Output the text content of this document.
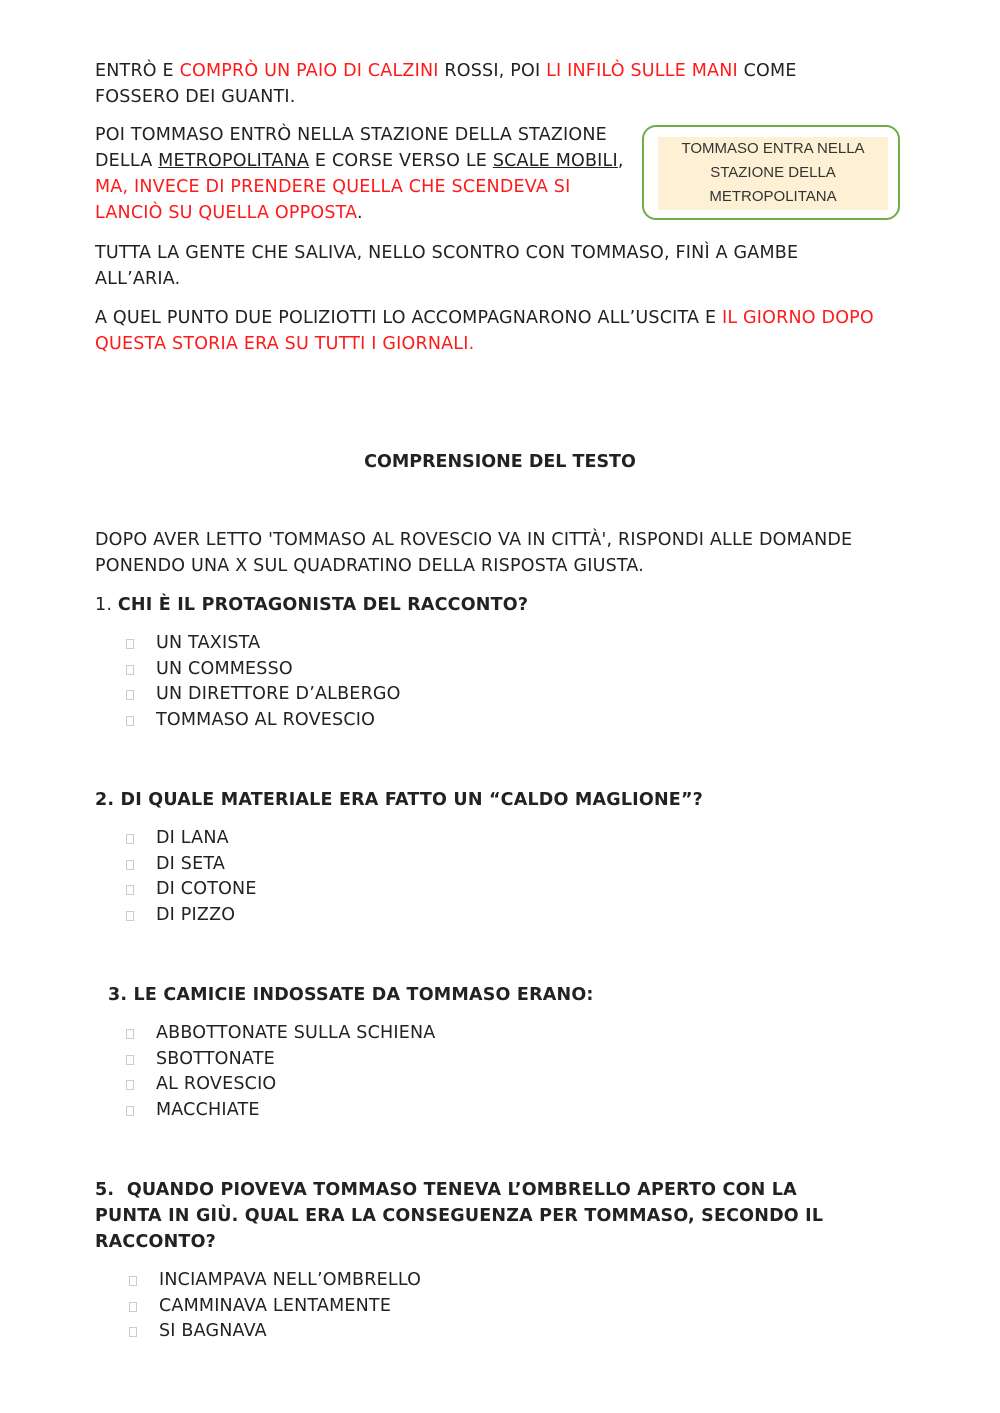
ENTRÒ E COMPRÒ UN PAIO DI CALZINI ROSSI, POI LI INFILÒ SULLE MANI COME FOSSERO DEI GUANTI.

POI TOMMASO ENTRÒ NELLA STAZIONE DELLA STAZIONE DELLA METROPOLITANA E CORSE VERSO LE SCALE MOBILI, MA, INVECE DI PRENDERE QUELLA CHE SCENDEVA SI LANCIÒ SU QUELLA OPPOSTA.

TOMMASO ENTRA NELLA
STAZIONE DELLA
METROPOLITANA

TUTTA LA GENTE CHE SALIVA, NELLO SCONTRO CON TOMMASO, FINÌ A GAMBE ALL’ARIA.

A QUEL PUNTO DUE POLIZIOTTI LO ACCOMPAGNARONO ALL’USCITA E IL GIORNO DOPO QUESTA STORIA ERA SU TUTTI I GIORNALI.

COMPRENSIONE DEL TESTO

DOPO AVER LETTO 'TOMMASO AL ROVESCIO VA IN CITTÀ', RISPONDI ALLE DOMANDE PONENDO UNA X SUL QUADRATINO DELLA RISPOSTA GIUSTA.

1. CHI È IL PROTAGONISTA DEL RACCONTO?

UN TAXISTA
UN COMMESSO
UN DIRETTORE D’ALBERGO
TOMMASO AL ROVESCIO

2. DI QUALE MATERIALE ERA FATTO UN “CALDO MAGLIONE”?

DI LANA
DI SETA
DI COTONE
DI PIZZO

3. LE CAMICIE INDOSSATE DA TOMMASO ERANO:

ABBOTTONATE SULLA SCHIENA
SBOTTONATE
AL ROVESCIO
MACCHIATE

5.  QUANDO PIOVEVA TOMMASO TENEVA L’OMBRELLO APERTO CON LA PUNTA IN GIÙ. QUAL ERA LA CONSEGUENZA PER TOMMASO, SECONDO IL RACCONTO?

INCIAMPAVA NELL’OMBRELLO
CAMMINAVA LENTAMENTE
SI BAGNAVA
